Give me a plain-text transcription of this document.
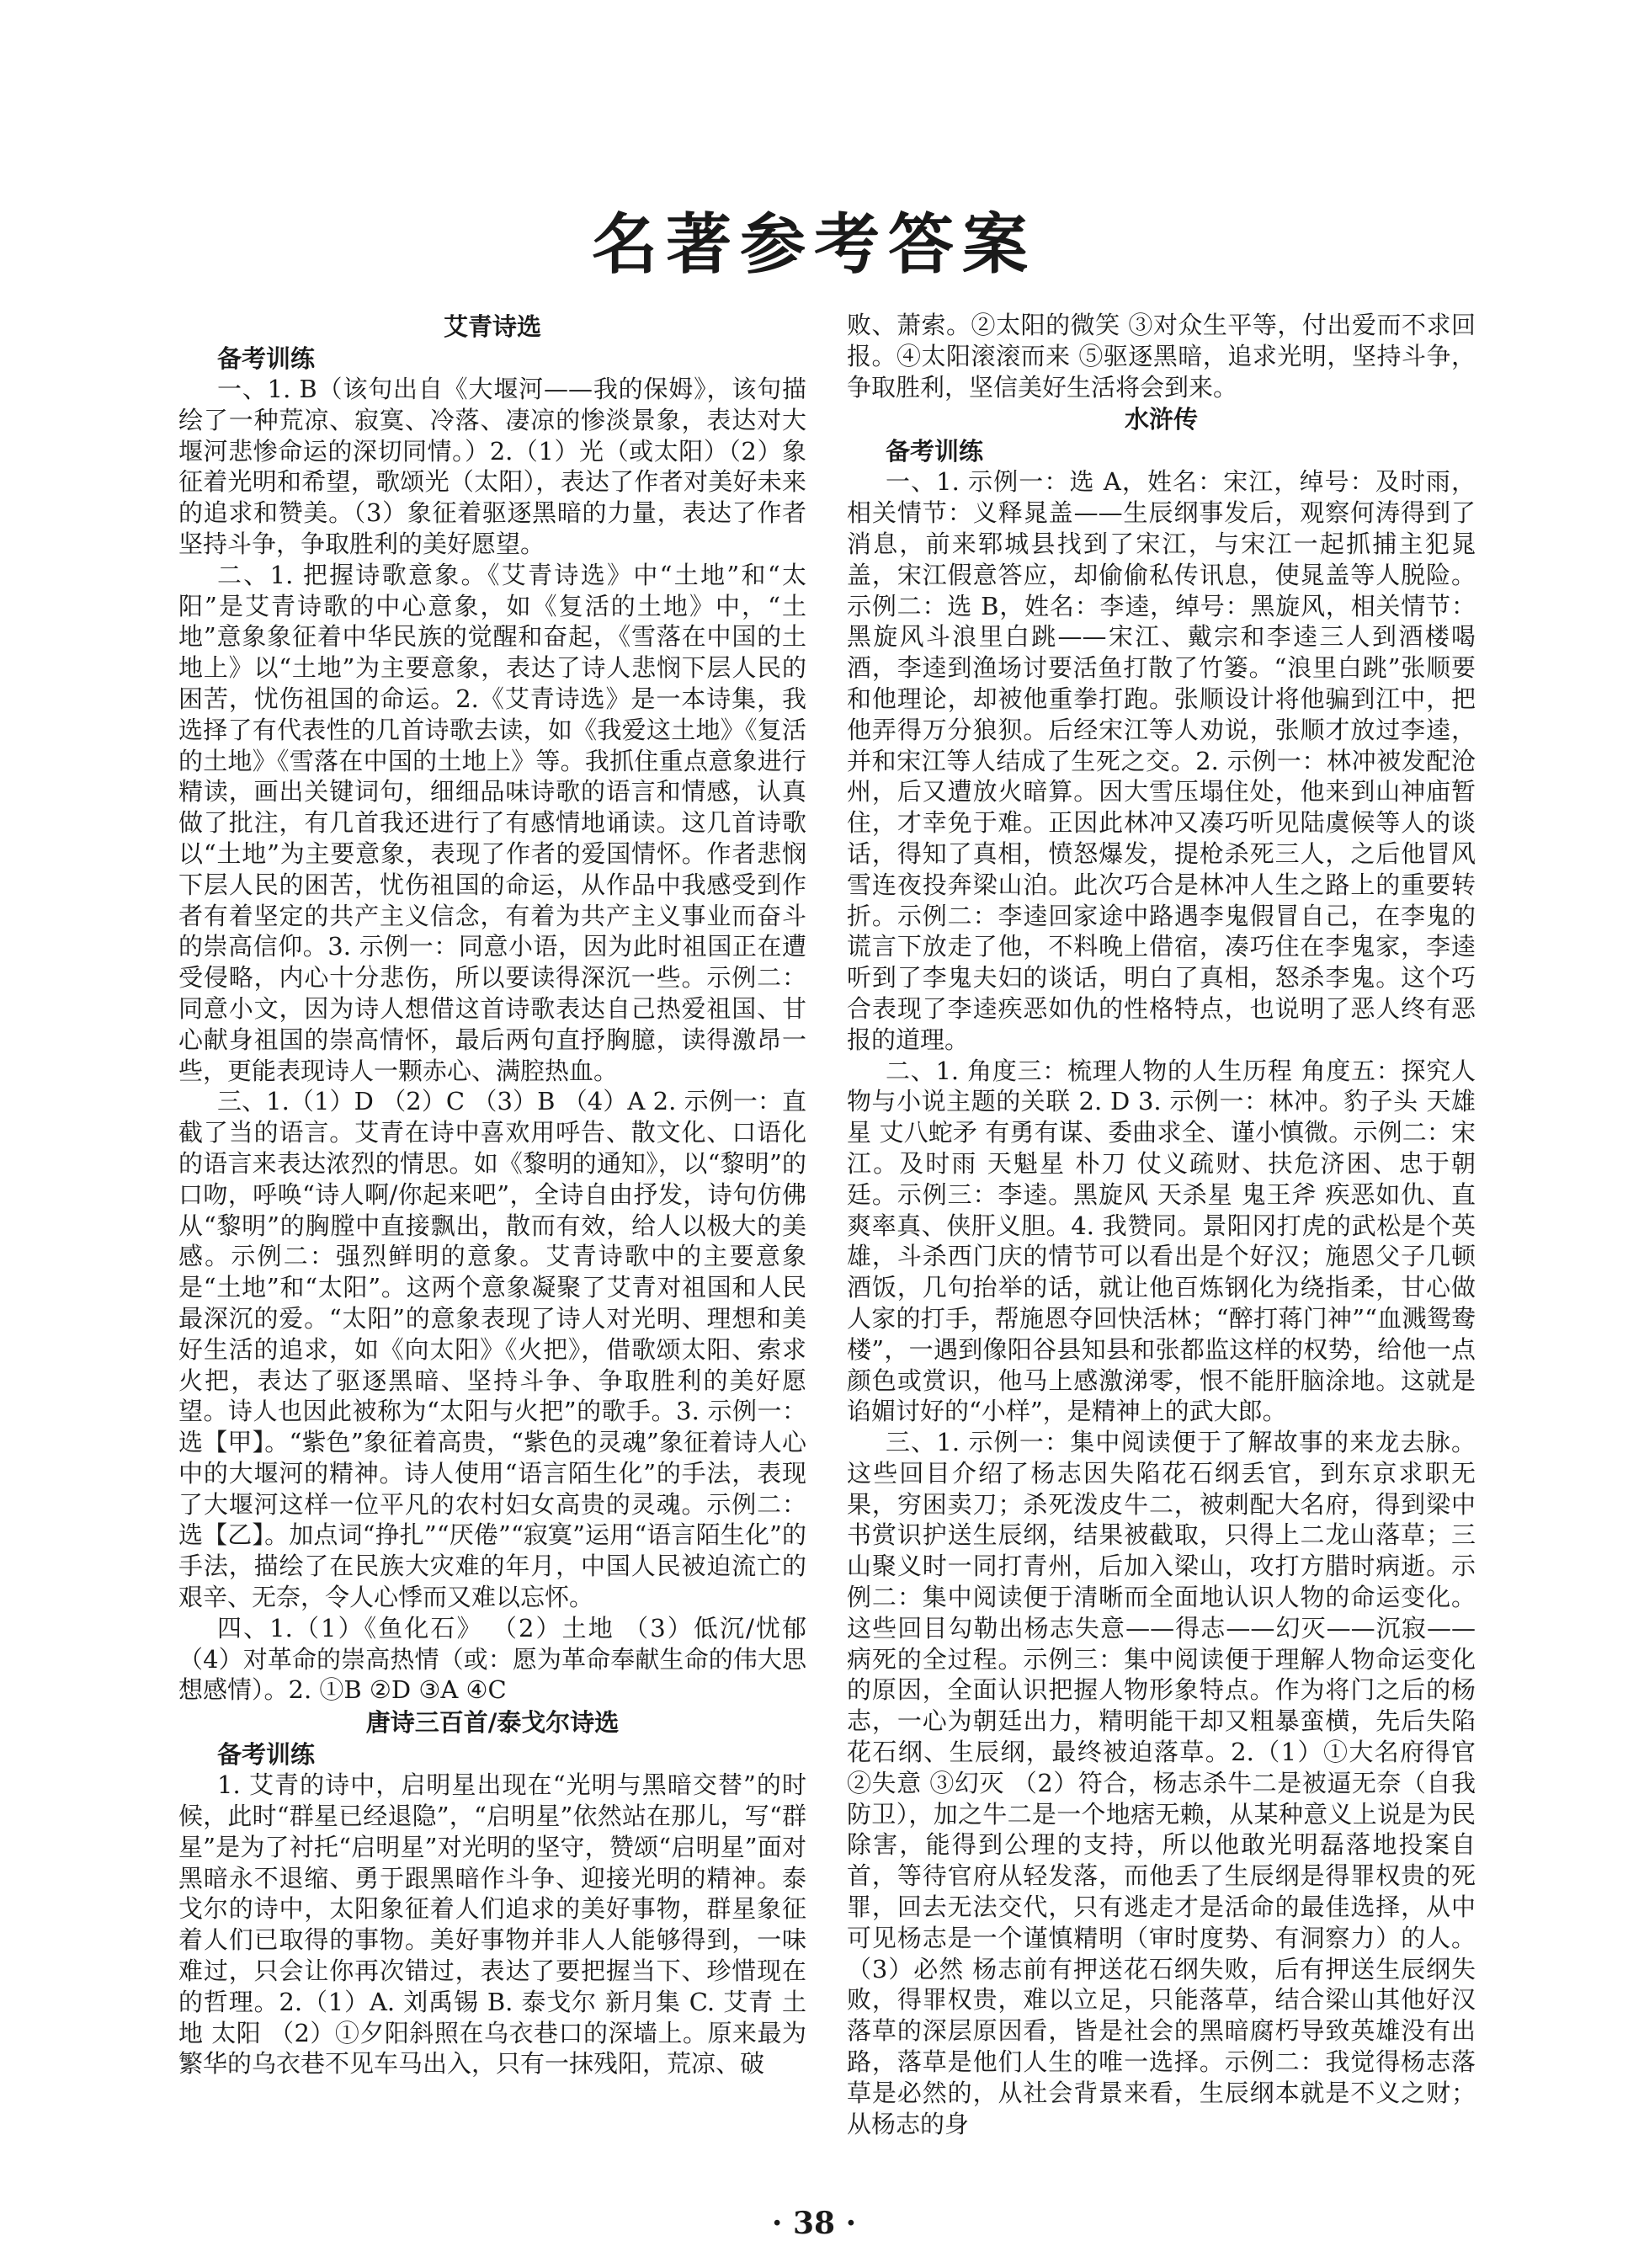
名著参考答案
艾青诗选
备考训练

一、1. B（该句出自《大堰河——我的保姆》，该句描绘了一种荒凉、寂寞、冷落、凄凉的惨淡景象，表达对大堰河悲惨命运的深切同情。）2.（1）光（或太阳）（2）象征着光明和希望，歌颂光（太阳），表达了作者对美好未来的追求和赞美。（3）象征着驱逐黑暗的力量，表达了作者坚持斗争，争取胜利的美好愿望。

二、1. 把握诗歌意象。《艾青诗选》中“土地”和“太阳”是艾青诗歌的中心意象，如《复活的土地》中，“土地”意象象征着中华民族的觉醒和奋起，《雪落在中国的土地上》以“土地”为主要意象，表达了诗人悲悯下层人民的困苦，忧伤祖国的命运。2.《艾青诗选》是一本诗集，我选择了有代表性的几首诗歌去读，如《我爱这土地》《复活的土地》《雪落在中国的土地上》等。我抓住重点意象进行精读，画出关键词句，细细品味诗歌的语言和情感，认真做了批注，有几首我还进行了有感情地诵读。这几首诗歌以“土地”为主要意象，表现了作者的爱国情怀。作者悲悯下层人民的困苦，忧伤祖国的命运，从作品中我感受到作者有着坚定的共产主义信念，有着为共产主义事业而奋斗的崇高信仰。3. 示例一：同意小语，因为此时祖国正在遭受侵略，内心十分悲伤，所以要读得深沉一些。示例二：同意小文，因为诗人想借这首诗歌表达自己热爱祖国、甘心献身祖国的崇高情怀，最后两句直抒胸臆，读得激昂一些，更能表现诗人一颗赤心、满腔热血。

三、1.（1）D （2）C （3）B （4）A 2. 示例一：直截了当的语言。艾青在诗中喜欢用呼告、散文化、口语化的语言来表达浓烈的情思。如《黎明的通知》，以“黎明”的口吻，呼唤“诗人啊/你起来吧”，全诗自由抒发，诗句仿佛从“黎明”的胸膛中直接飘出，散而有效，给人以极大的美感。示例二：强烈鲜明的意象。艾青诗歌中的主要意象是“土地”和“太阳”。这两个意象凝聚了艾青对祖国和人民最深沉的爱。“太阳”的意象表现了诗人对光明、理想和美好生活的追求，如《向太阳》《火把》，借歌颂太阳、索求火把，表达了驱逐黑暗、坚持斗争、争取胜利的美好愿望。诗人也因此被称为“太阳与火把”的歌手。3. 示例一：选【甲】。“紫色”象征着高贵，“紫色的灵魂”象征着诗人心中的大堰河的精神。诗人使用“语言陌生化”的手法，表现了大堰河这样一位平凡的农村妇女高贵的灵魂。示例二：选【乙】。加点词“挣扎”“厌倦”“寂寞”运用“语言陌生化”的手法，描绘了在民族大灾难的年月，中国人民被迫流亡的艰辛、无奈，令人心悸而又难以忘怀。

四、1.（1）《鱼化石》 （2）土地 （3）低沉/忧郁 （4）对革命的崇高热情（或：愿为革命奉献生命的伟大思想感情）。2. ①B ②D ③A ④C

唐诗三百首/泰戈尔诗选
备考训练

1. 艾青的诗中，启明星出现在“光明与黑暗交替”的时候，此时“群星已经退隐”，“启明星”依然站在那儿，写“群星”是为了衬托“启明星”对光明的坚守，赞颂“启明星”面对黑暗永不退缩、勇于跟黑暗作斗争、迎接光明的精神。泰戈尔的诗中，太阳象征着人们追求的美好事物，群星象征着人们已取得的事物。美好事物并非人人能够得到，一味难过，只会让你再次错过，表达了要把握当下、珍惜现在的哲理。2.（1）A. 刘禹锡 B. 泰戈尔 新月集 C. 艾青 土地 太阳 （2）①夕阳斜照在乌衣巷口的深墙上。原来最为繁华的乌衣巷不见车马出入，只有一抹残阳，荒凉、破

败、萧索。②太阳的微笑 ③对众生平等，付出爱而不求回报。④太阳滚滚而来 ⑤驱逐黑暗，追求光明，坚持斗争，争取胜利，坚信美好生活将会到来。

水浒传
备考训练

一、1. 示例一：选 A，姓名：宋江，绰号：及时雨，相关情节：义释晁盖——生辰纲事发后，观察何涛得到了消息，前来郓城县找到了宋江，与宋江一起抓捕主犯晁盖，宋江假意答应，却偷偷私传讯息，使晁盖等人脱险。示例二：选 B，姓名：李逵，绰号：黑旋风，相关情节：黑旋风斗浪里白跳——宋江、戴宗和李逵三人到酒楼喝酒，李逵到渔场讨要活鱼打散了竹篓。“浪里白跳”张顺要和他理论，却被他重拳打跑。张顺设计将他骗到江中，把他弄得万分狼狈。后经宋江等人劝说，张顺才放过李逵，并和宋江等人结成了生死之交。2. 示例一：林冲被发配沧州，后又遭放火暗算。因大雪压塌住处，他来到山神庙暂住，才幸免于难。正因此林冲又凑巧听见陆虞候等人的谈话，得知了真相，愤怒爆发，提枪杀死三人，之后他冒风雪连夜投奔梁山泊。此次巧合是林冲人生之路上的重要转折。示例二：李逵回家途中路遇李鬼假冒自己，在李鬼的谎言下放走了他，不料晚上借宿，凑巧住在李鬼家，李逵听到了李鬼夫妇的谈话，明白了真相，怒杀李鬼。这个巧合表现了李逵疾恶如仇的性格特点，也说明了恶人终有恶报的道理。

二、1. 角度三：梳理人物的人生历程 角度五：探究人物与小说主题的关联 2. D 3. 示例一：林冲。豹子头 天雄星 丈八蛇矛 有勇有谋、委曲求全、谨小慎微。示例二：宋江。及时雨 天魁星 朴刀 仗义疏财、扶危济困、忠于朝廷。示例三：李逵。黑旋风 天杀星 鬼王斧 疾恶如仇、直爽率真、侠肝义胆。4. 我赞同。景阳冈打虎的武松是个英雄，斗杀西门庆的情节可以看出是个好汉；施恩父子几顿酒饭，几句抬举的话，就让他百炼钢化为绕指柔，甘心做人家的打手，帮施恩夺回快活林；“醉打蒋门神”“血溅鸳鸯楼”，一遇到像阳谷县知县和张都监这样的权势，给他一点颜色或赏识，他马上感激涕零，恨不能肝脑涂地。这就是谄媚讨好的“小样”，是精神上的武大郎。

三、1. 示例一：集中阅读便于了解故事的来龙去脉。这些回目介绍了杨志因失陷花石纲丢官，到东京求职无果，穷困卖刀；杀死泼皮牛二，被刺配大名府，得到梁中书赏识护送生辰纲，结果被截取，只得上二龙山落草；三山聚义时一同打青州，后加入梁山，攻打方腊时病逝。示例二：集中阅读便于清晰而全面地认识人物的命运变化。这些回目勾勒出杨志失意——得志——幻灭——沉寂——病死的全过程。示例三：集中阅读便于理解人物命运变化的原因，全面认识把握人物形象特点。作为将门之后的杨志，一心为朝廷出力，精明能干却又粗暴蛮横，先后失陷花石纲、生辰纲，最终被迫落草。2.（1）①大名府得官 ②失意 ③幻灭 （2）符合，杨志杀牛二是被逼无奈（自我防卫），加之牛二是一个地痞无赖，从某种意义上说是为民除害，能得到公理的支持，所以他敢光明磊落地投案自首，等待官府从轻发落，而他丢了生辰纲是得罪权贵的死罪，回去无法交代，只有逃走才是活命的最佳选择，从中可见杨志是一个谨慎精明（审时度势、有洞察力）的人。 （3）必然 杨志前有押送花石纲失败，后有押送生辰纲失败，得罪权贵，难以立足，只能落草，结合梁山其他好汉落草的深层原因看，皆是社会的黑暗腐朽导致英雄没有出路，落草是他们人生的唯一选择。示例二：我觉得杨志落草是必然的，从社会背景来看，生辰纲本就是不义之财；从杨志的身

· 38 ·
